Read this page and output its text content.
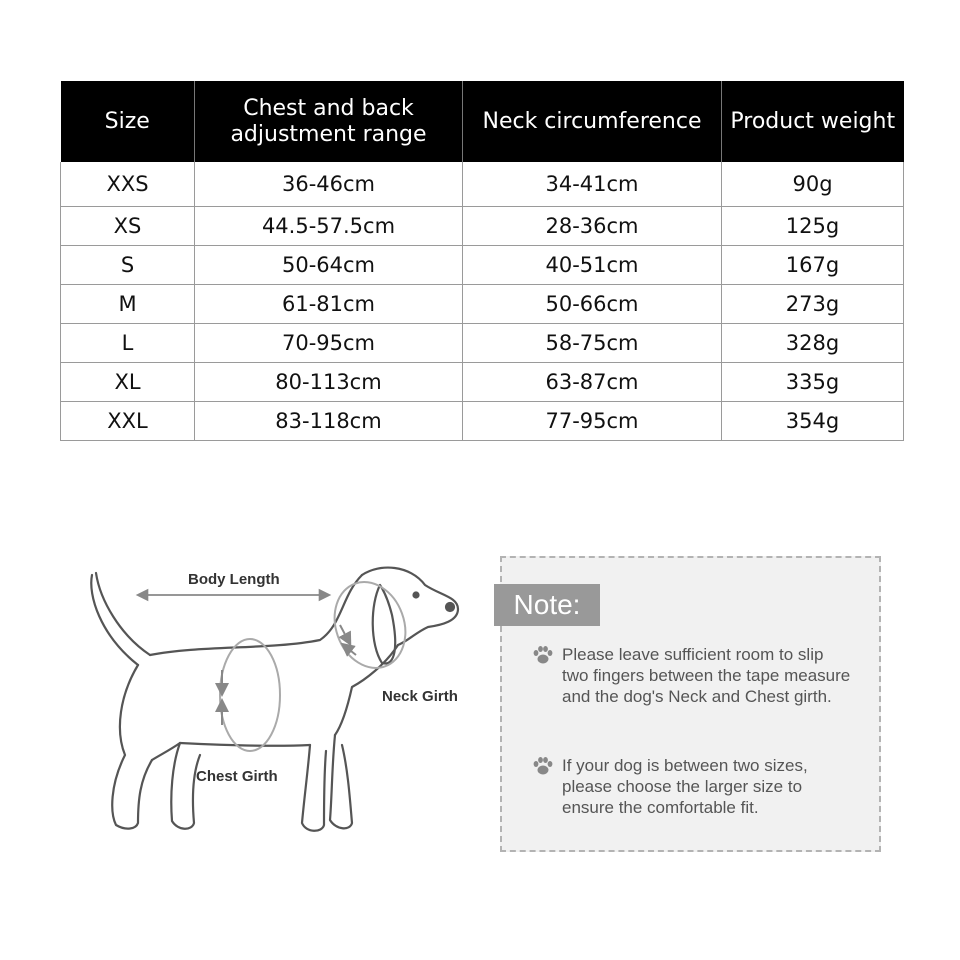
Size	Chest and back adjustment range	Neck circumference	Product weight
XXS	36-46cm	34-41cm	90g
XS	44.5-57.5cm	28-36cm	125g
S	50-64cm	40-51cm	167g
M	61-81cm	50-66cm	273g
L	70-95cm	58-75cm	328g
XL	80-113cm	63-87cm	335g
XXL	83-118cm	77-95cm	354g
Body Length
Neck Girth
Chest Girth
Note:
Please leave sufficient room to slip two fingers between the tape measure and the dog's Neck and Chest girth.
If your dog is between two sizes, please choose the larger size to ensure the comfortable fit.
